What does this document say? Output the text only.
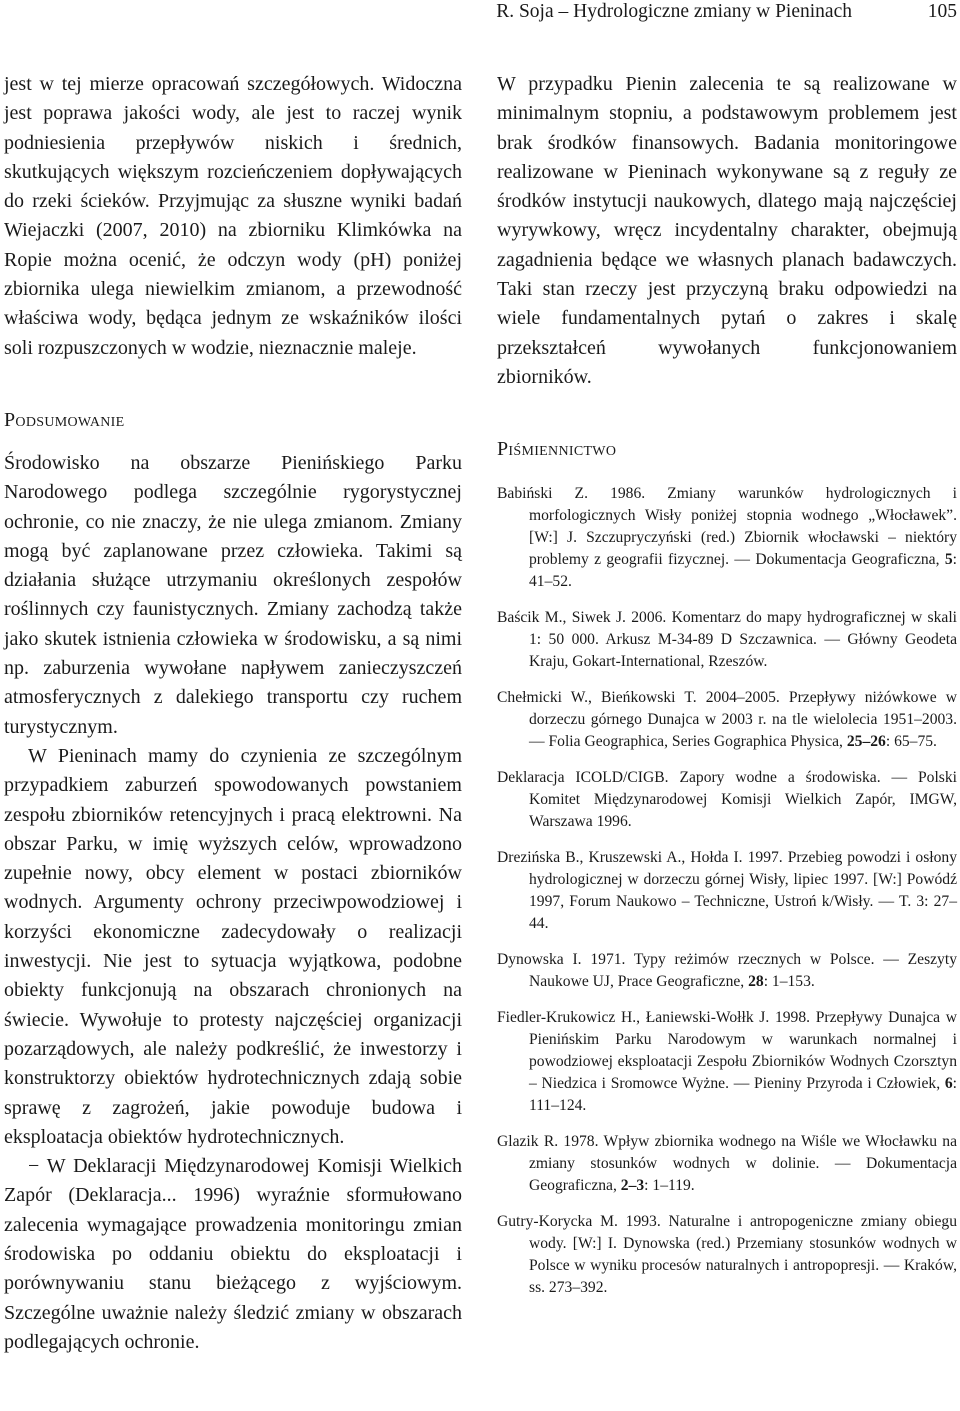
R. Soja – Hydrologiczne zmiany w Pieninach	105

jest w tej mierze opracowań szczegółowych. Widoczna jest poprawa jakości wody, ale jest to raczej wynik podniesienia przepływów niskich i średnich, skutkujących większym rozcieńczeniem dopływających do rzeki ścieków. Przyjmując za słuszne wyniki badań Wiejaczki (2007, 2010) na zbiorniku Klimkówka na Ropie można ocenić, że odczyn wody (pH) poniżej zbiornika ulega niewielkim zmianom, a przewodność właściwa wody, będąca jednym ze wskaźników ilości soli rozpuszczonych w wodzie, nieznacznie maleje.

Podsumowanie

Środowisko na obszarze Pienińskiego Parku Narodowego podlega szczególnie rygorystycznej ochronie, co nie znaczy, że nie ulega zmianom. Zmiany mogą być zaplanowane przez człowieka. Takimi są działania służące utrzymaniu określonych zespołów roślinnych czy faunistycznych. Zmiany zachodzą także jako skutek istnienia człowieka w środowisku, a są nimi np. zaburzenia wywołane napływem zanieczyszczeń atmosferycznych z dalekiego transportu czy ruchem turystycznym.

W Pieninach mamy do czynienia ze szczególnym przypadkiem zaburzeń spowodowanych powstaniem zespołu zbiorników retencyjnych i pracą elektrowni. Na obszar Parku, w imię wyższych celów, wprowadzono zupełnie nowy, obcy element w postaci zbiorników wodnych. Argumenty ochrony przeciwpowodziowej i korzyści ekonomiczne zadecydowały o realizacji inwestycji. Nie jest to sytuacja wyjątkowa, podobne obiekty funkcjonują na obszarach chronionych na świecie. Wywołuje to protesty najczęściej organizacji pozarządowych, ale należy podkreślić, że inwestorzy i konstruktorzy obiektów hydrotechnicznych zdają sobie sprawę z zagrożeń, jakie powoduje budowa i eksploatacja obiektów hydrotechnicznych.

− W Deklaracji Międzynarodowej Komisji Wielkich Zapór (Deklaracja... 1996) wyraźnie sformułowano zalecenia wymagające prowadzenia monitoringu zmian środowiska po oddaniu obiektu do eksploatacji i porównywaniu stanu bieżącego z wyjściowym. Szczególne uważnie należy śledzić zmiany w obszarach podlegających ochronie.

W przypadku Pienin zalecenia te są realizowane w minimalnym stopniu, a podstawowym problemem jest brak środków finansowych. Badania monitoringowe realizowane w Pieninach wykonywane są z reguły ze środków instytucji naukowych, dlatego mają najczęściej wyrywkowy, wręcz incydentalny charakter, obejmują zagadnienia będące we własnych planach badawczych. Taki stan rzeczy jest przyczyną braku odpowiedzi na wiele fundamentalnych pytań o zakres i skalę przekształceń wywołanych funkcjonowaniem zbiorników.

Piśmiennictwo
Babiński Z. 1986. Zmiany warunków hydrologicznych i morfologicznych Wisły poniżej stopnia wodnego „Włocławek”. [W:] J. Szczupryczyński (red.) Zbiornik włocławski – niektóry problemy z geografii fizycznej. — Dokumentacja Geograficzna, 5: 41–52.
Baścik M., Siwek J. 2006. Komentarz do mapy hydrograficznej w skali 1: 50 000. Arkusz M-34-89 D Szczawnica. — Główny Geodeta Kraju, Gokart-International, Rzeszów.
Chełmicki W., Bieńkowski T. 2004–2005. Przepływy niżówkowe w dorzeczu górnego Dunajca w 2003 r. na tle wielolecia 1951–2003. — Folia Geographica, Series Gographica Physica, 25–26: 65–75.
Deklaracja ICOLD/CIGB. Zapory wodne a środowiska. — Polski Komitet Międzynarodowej Komisji Wielkich Zapór, IMGW, Warszawa 1996.
Drezińska B., Kruszewski A., Hołda I. 1997. Przebieg powodzi i osłony hydrologicznej w dorzeczu górnej Wisły, lipiec 1997. [W:] Powódź 1997, Forum Naukowo – Techniczne, Ustroń k/Wisły. — T. 3: 27–44.
Dynowska I. 1971. Typy reżimów rzecznych w Polsce. — Zeszyty Naukowe UJ, Prace Geograficzne, 28: 1–153.
Fiedler-Krukowicz H., Łaniewski-Wołłk J. 1998. Przepływy Dunajca w Pienińskim Parku Narodowym w warunkach normalnej i powodziowej eksploatacji Zespołu Zbiorników Wodnych Czorsztyn – Niedzica i Sromowce Wyżne. — Pieniny Przyroda i Człowiek, 6: 111–124.
Glazik R. 1978. Wpływ zbiornika wodnego na Wiśle we Włocławku na zmiany stosunków wodnych w dolinie. — Dokumentacja Geograficzna, 2–3: 1–119.
Gutry-Korycka M. 1993. Naturalne i antropogeniczne zmiany obiegu wody. [W:] I. Dynowska (red.) Przemiany stosunków wodnych w Polsce w wyniku procesów naturalnych i antropopresji. — Kraków, ss. 273–392.
